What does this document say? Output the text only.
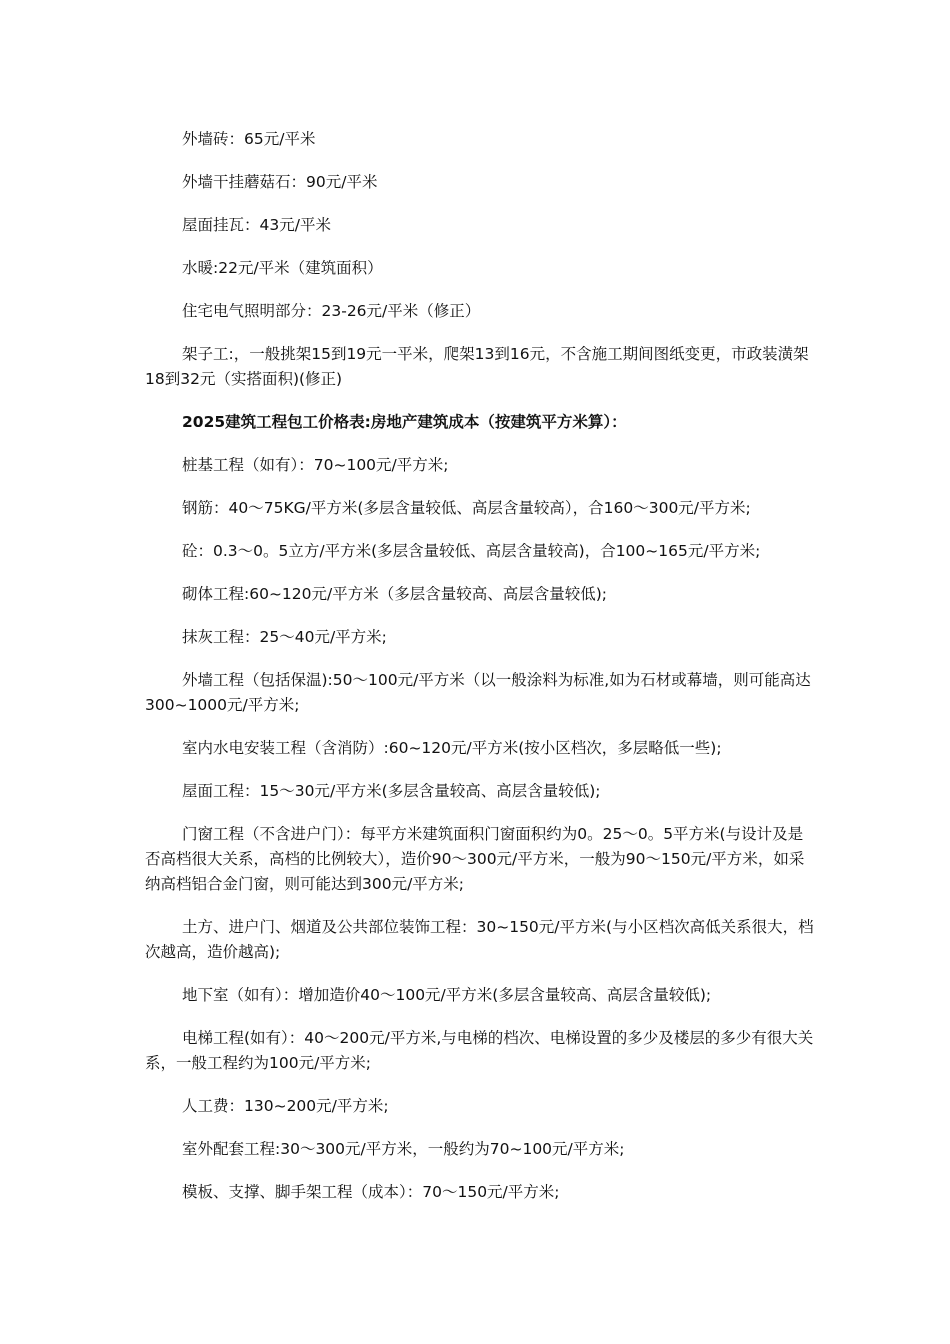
外墙砖：65元/平米

外墙干挂蘑菇石：90元/平米

屋面挂瓦：43元/平米

水暖:22元/平米（建筑面积）

住宅电气照明部分：23-26元/平米（修正）

架子工:，一般挑架15到19元一平米，爬架13到16元，不含施工期间图纸变更，市政装潢架18到32元（实搭面积)(修正)

2025建筑工程包工价格表:房地产建筑成本（按建筑平方米算）：

桩基工程（如有）：70~100元/平方米;

钢筋：40～75KG/平方米(多层含量较低、高层含量较高），合160～300元/平方米;

砼：0.3～0。5立方/平方米(多层含量较低、高层含量较高)，合100~165元/平方米;

砌体工程:60~120元/平方米（多层含量较高、高层含量较低);

抹灰工程：25～40元/平方米;

外墙工程（包括保温):50～100元/平方米（以一般涂料为标准,如为石材或幕墙，则可能高达300~1000元/平方米;

室内水电安装工程（含消防）:60~120元/平方米(按小区档次，多层略低一些);

屋面工程：15～30元/平方米(多层含量较高、高层含量较低);

门窗工程（不含进户门）：每平方米建筑面积门窗面积约为0。25～0。5平方米(与设计及是否高档很大关系，高档的比例较大），造价90～300元/平方米，一般为90～150元/平方米，如采纳高档铝合金门窗，则可能达到300元/平方米;

土方、进户门、烟道及公共部位装饰工程：30~150元/平方米(与小区档次高低关系很大，档次越高，造价越高);

地下室（如有）：增加造价40～100元/平方米(多层含量较高、高层含量较低);

电梯工程(如有）：40～200元/平方米,与电梯的档次、电梯设置的多少及楼层的多少有很大关系，一般工程约为100元/平方米;

人工费：130~200元/平方米;

室外配套工程:30～300元/平方米，一般约为70~100元/平方米;

模板、支撑、脚手架工程（成本）：70～150元/平方米;
